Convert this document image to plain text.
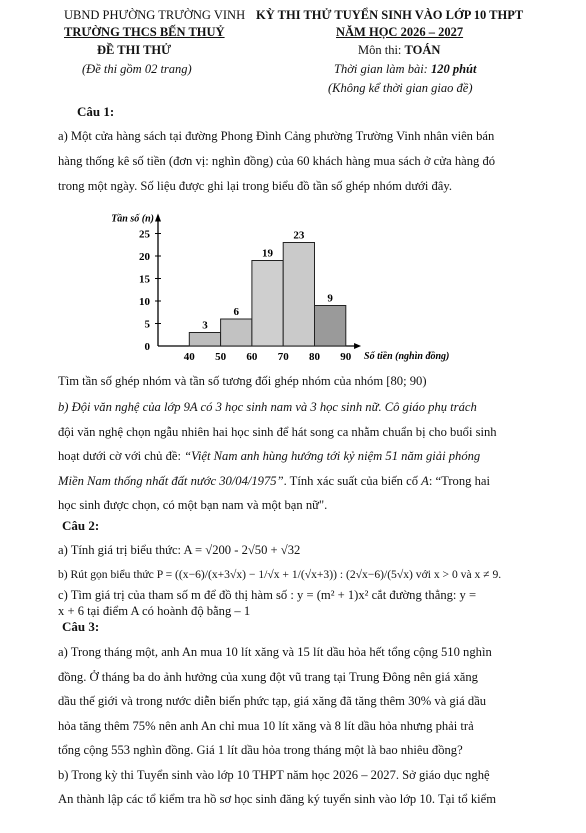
UBND PHƯỜNG TRƯỜNG VINH
TRƯỜNG THCS BẾN THUỶ
ĐỀ THI THỬ
(Đề thi gồm 02 trang)
KỲ THI THỬ TUYỂN SINH VÀO LỚP 10 THPT
NĂM HỌC 2026 – 2027
Môn thi: TOÁN
Thời gian làm bài: 120 phút
(Không kể thời gian giao đề)
Câu 1:
a) Một cửa hàng sách tại đường Phong Đình Cảng phường Trường Vinh nhân viên bán
hàng thống kê số tiền (đơn vị: nghìn đồng) của 60 khách hàng mua sách ở cửa hàng đó
trong một ngày. Số liệu được ghi lại trong biểu đồ tần số ghép nhóm dưới đây.
0
5
10
15
20
25
40 50 60 70 80 90
3
6
19
23
9
Tần số (n)
Số tiền (nghìn đồng)
Tìm tần số ghép nhóm và tần số tương đối ghép nhóm của nhóm [80; 90)
b) Đội văn nghệ của lớp 9A có 3 học sinh nam và 3 học sinh nữ. Cô giáo phụ trách
đội văn nghệ chọn ngẫu nhiên hai học sinh để hát song ca nhằm chuẩn bị cho buổi sinh
hoạt dưới cờ với chủ đề: “Việt Nam anh hùng hướng tới kỷ niệm 51 năm giải phóng
Miền Nam thống nhất đất nước 30/04/1975”. Tính xác suất của biến cố A: “Trong hai
học sinh được chọn, có một bạn nam và một bạn nữ".
Câu 2:
a) Tính giá trị biểu thức: A = √200 - 2√50 + √32
b) Rút gọn biểu thức P = ((x−6)/(x+3√x) − 1/√x + 1/(√x+3)) : (2√x−6)/(5√x) với x > 0 và x ≠ 9.
c) Tìm giá trị của tham số m để đồ thị hàm số : y = (m² + 1)x² cắt đường thẳng: y =
x + 6 tại điểm A có hoành độ bằng – 1
Câu 3:
a) Trong tháng một, anh An mua 10 lít xăng và 15 lít dầu hỏa hết tổng cộng 510 nghìn
đồng. Ở tháng ba do ảnh hưởng của xung đột vũ trang tại Trung Đông nên giá xăng
dầu thế giới và trong nước diễn biến phức tạp, giá xăng đã tăng thêm 30% và giá dầu
hỏa tăng thêm 75% nên anh An chỉ mua 10 lít xăng và 8 lít dầu hỏa nhưng phải trả
tổng cộng 553 nghìn đồng. Giá 1 lít dầu hỏa trong tháng một là bao nhiêu đồng?
b) Trong kỳ thi Tuyển sinh vào lớp 10 THPT năm học 2026 – 2027. Sở giáo dục nghệ
An thành lập các tổ kiểm tra hồ sơ học sinh đăng ký tuyển sinh vào lớp 10. Tại tổ kiểm
